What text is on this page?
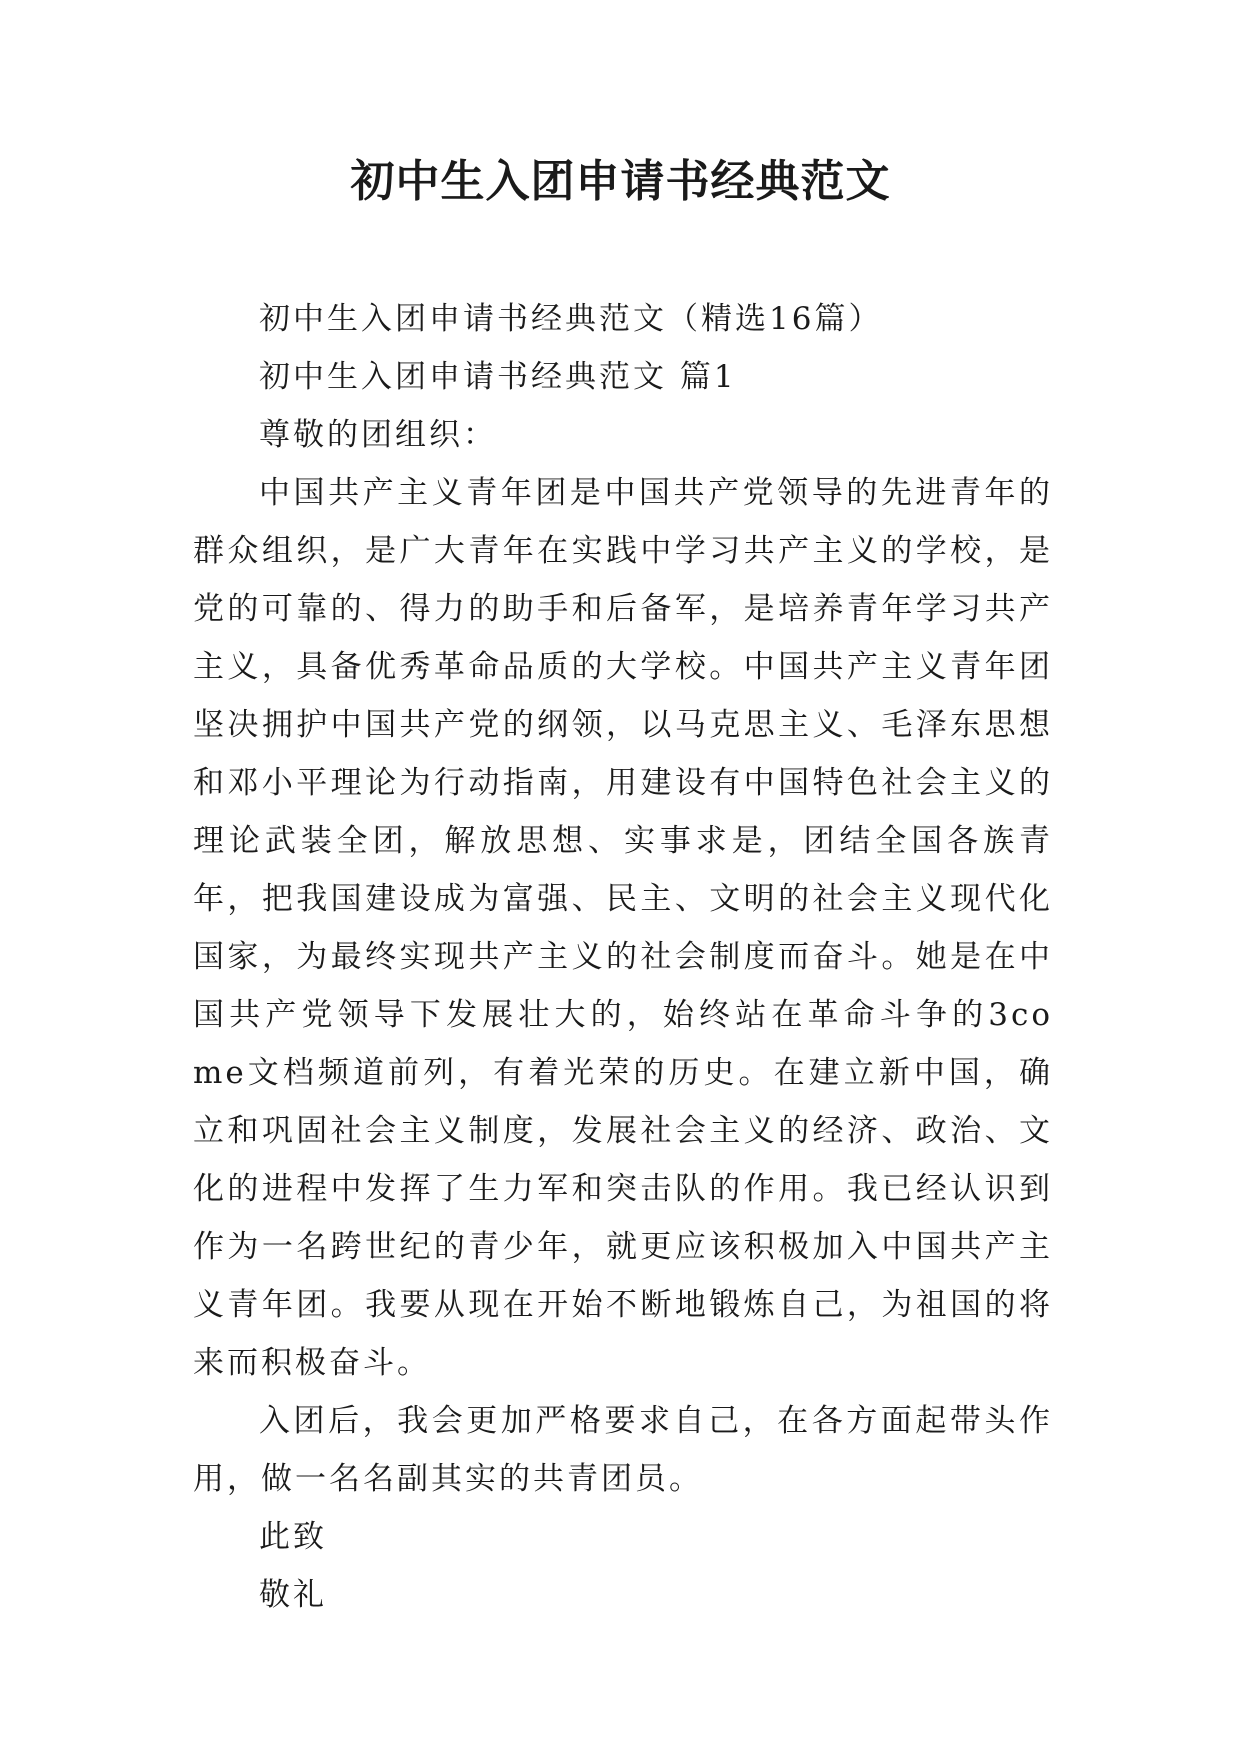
初中生入团申请书经典范文

初中生入团申请书经典范文（精选16篇）

初中生入团申请书经典范文 篇1

尊敬的团组织：

中国共产主义青年团是中国共产党领导的先进青年的群众组织，是广大青年在实践中学习共产主义的学校，是党的可靠的、得力的助手和后备军，是培养青年学习共产主义，具备优秀革命品质的大学校。中国共产主义青年团坚决拥护中国共产党的纲领，以马克思主义、毛泽东思想和邓小平理论为行动指南，用建设有中国特色社会主义的理论武装全团，解放思想、实事求是，团结全国各族青年，把我国建设成为富强、民主、文明的社会主义现代化国家，为最终实现共产主义的社会制度而奋斗。她是在中国共产党领导下发展壮大的，始终站在革命斗争的3co me文档频道前列，有着光荣的历史。在建立新中国，确立和巩固社会主义制度，发展社会主义的经济、政治、文化的进程中发挥了生力军和突击队的作用。我已经认识到作为一名跨世纪的青少年，就更应该积极加入中国共产主义青年团。我要从现在开始不断地锻炼自己，为祖国的将来而积极奋斗。

入团后，我会更加严格要求自己，在各方面起带头作用，做一名名副其实的共青团员。

此致

敬礼
